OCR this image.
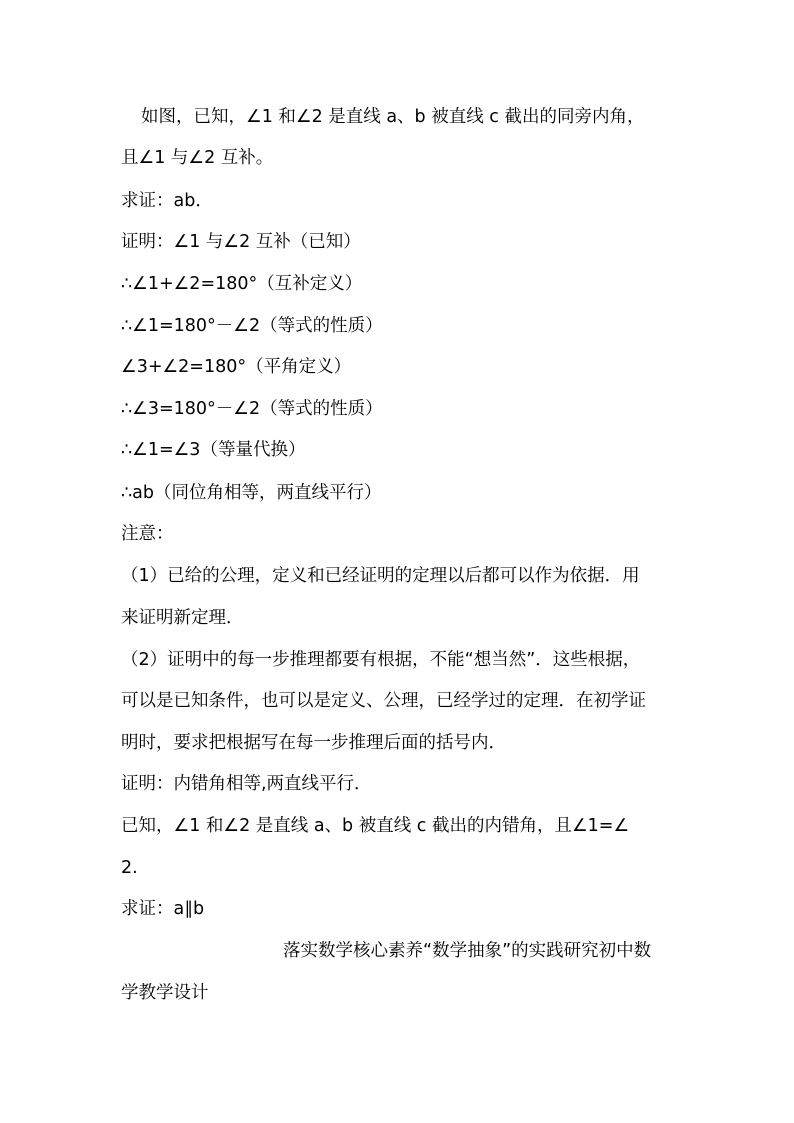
如图，已知，∠1 和∠2 是直线 a、b 被直线 c 截出的同旁内角，
且∠1 与∠2 互补。
求证：ab．
证明：∠1 与∠2 互补（已知）
∴∠1+∠2=180°（互补定义）
∴∠1=180°－∠2（等式的性质）
∠3+∠2=180°（平角定义）
∴∠3=180°－∠2（等式的性质）
∴∠1=∠3（等量代换）
∴ab（同位角相等，两直线平行）
注意：
（1）已给的公理，定义和已经证明的定理以后都可以作为依据．用
来证明新定理．
（2）证明中的每一步推理都要有根据，不能“想当然”．这些根据，
可以是已知条件，也可以是定义、公理，已经学过的定理．在初学证
明时，要求把根据写在每一步推理后面的括号内．
证明：内错角相等,两直线平行．
已知，∠1 和∠2 是直线 a、b 被直线 c 截出的内错角，且∠1=∠
2.
求证：a∥b
落实数学核心素养“数学抽象”的实践研究初中数
学教学设计
